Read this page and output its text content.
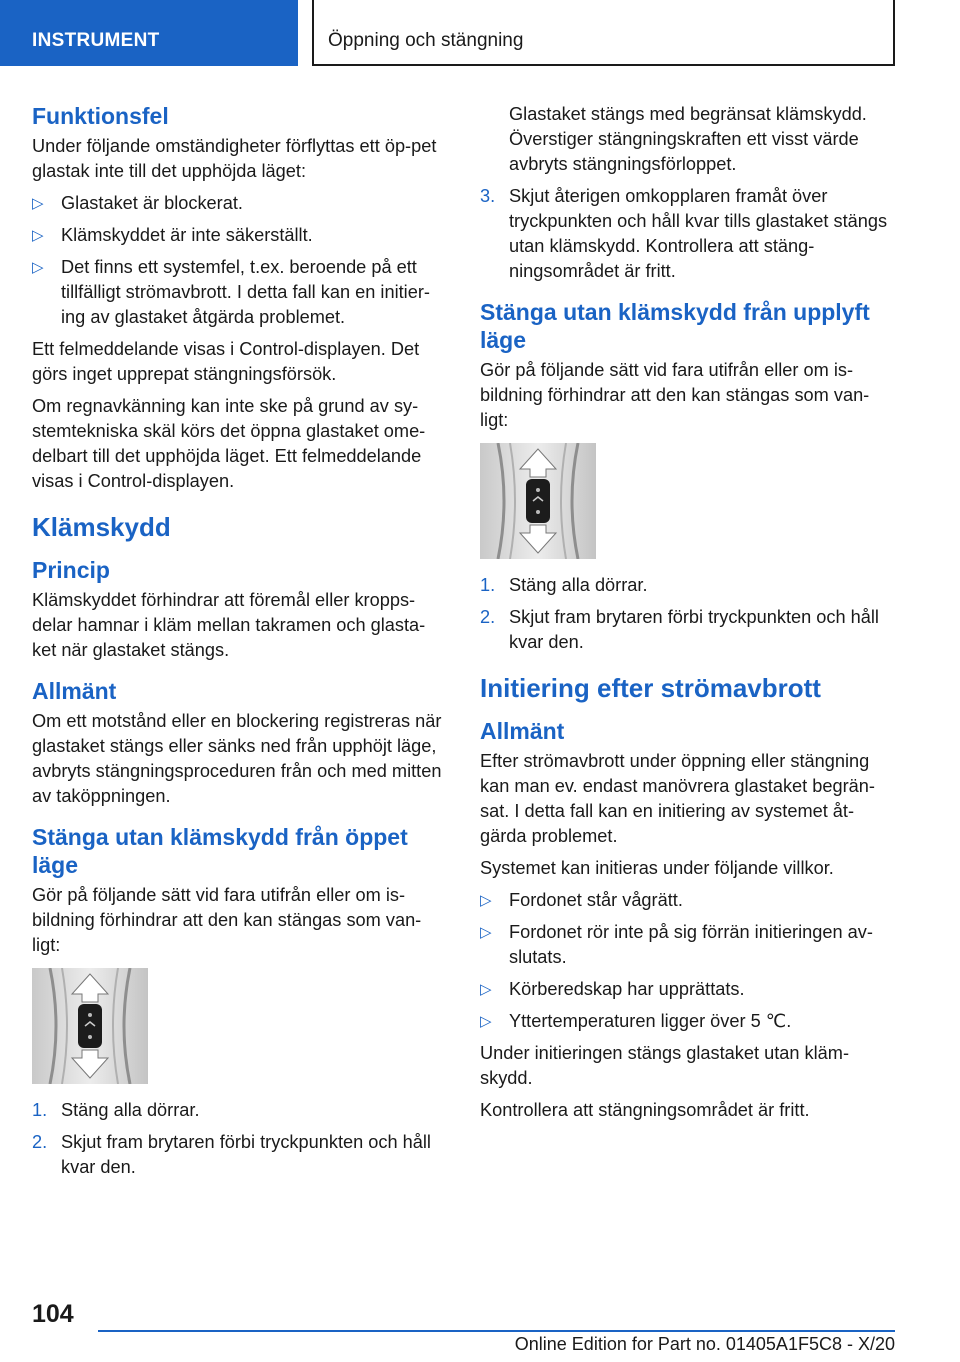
INSTRUMENT	Öppning och stängning
Funktionsfel

Under följande omständigheter förflyttas ett öp-pet glastak inte till det upphöjda läget:

▷ Glastaket är blockerat.
▷ Klämskyddet är inte säkerställt.
▷ Det finns ett systemfel, t.ex. beroende på ett tillfälligt strömavbrott. I detta fall kan en initier-ing av glastaket åtgärda problemet.

Ett felmeddelande visas i Control-displayen. Det görs inget upprepat stängningsförsök.

Om regnavkänning kan inte ske på grund av sy-stemtekniska skäl körs det öppna glastaket ome-delbart till det upphöjda läget. Ett felmeddelande visas i Control-displayen.

Klämskydd
Princip

Klämskyddet förhindrar att föremål eller kropps-delar hamnar i kläm mellan takramen och glasta-ket när glastaket stängs.

Allmänt

Om ett motstånd eller en blockering registreras när glastaket stängs eller sänks ned från upphöjt läge, avbryts stängningsproceduren från och med mitten av taköppningen.

Stänga utan klämskydd från öppet läge

Gör på följande sätt vid fara utifrån eller om is-bildning förhindrar att den kan stängas som van-ligt:

1. Stäng alla dörrar.
2. Skjut fram brytaren förbi tryckpunkten och håll kvar den.

Glastaket stängs med begränsat klämskydd. Överstiger stängningskraften ett visst värde avbryts stängningsförloppet.

3. Skjut återigen omkopplaren framåt över tryckpunkten och håll kvar tills glastaket stängs utan klämskydd. Kontrollera att stäng-ningsområdet är fritt.
Stänga utan klämskydd från upplyft läge

Gör på följande sätt vid fara utifrån eller om is-bildning förhindrar att den kan stängas som van-ligt:

1. Stäng alla dörrar.
2. Skjut fram brytaren förbi tryckpunkten och håll kvar den.
Initiering efter strömavbrott
Allmänt

Efter strömavbrott under öppning eller stängning kan man ev. endast manövrera glastaket begrän-sat. I detta fall kan en initiering av systemet åt-gärda problemet.

Systemet kan initieras under följande villkor.

▷ Fordonet står vågrätt.
▷ Fordonet rör inte på sig förrän initieringen av-slutats.
▷ Körberedskap har upprättats.
▷ Yttertemperaturen ligger över 5 ℃.

Under initieringen stängs glastaket utan kläm-skydd.

Kontrollera att stängningsområdet är fritt.

104
Online Edition for Part no. 01405A1F5C8 - X/20
